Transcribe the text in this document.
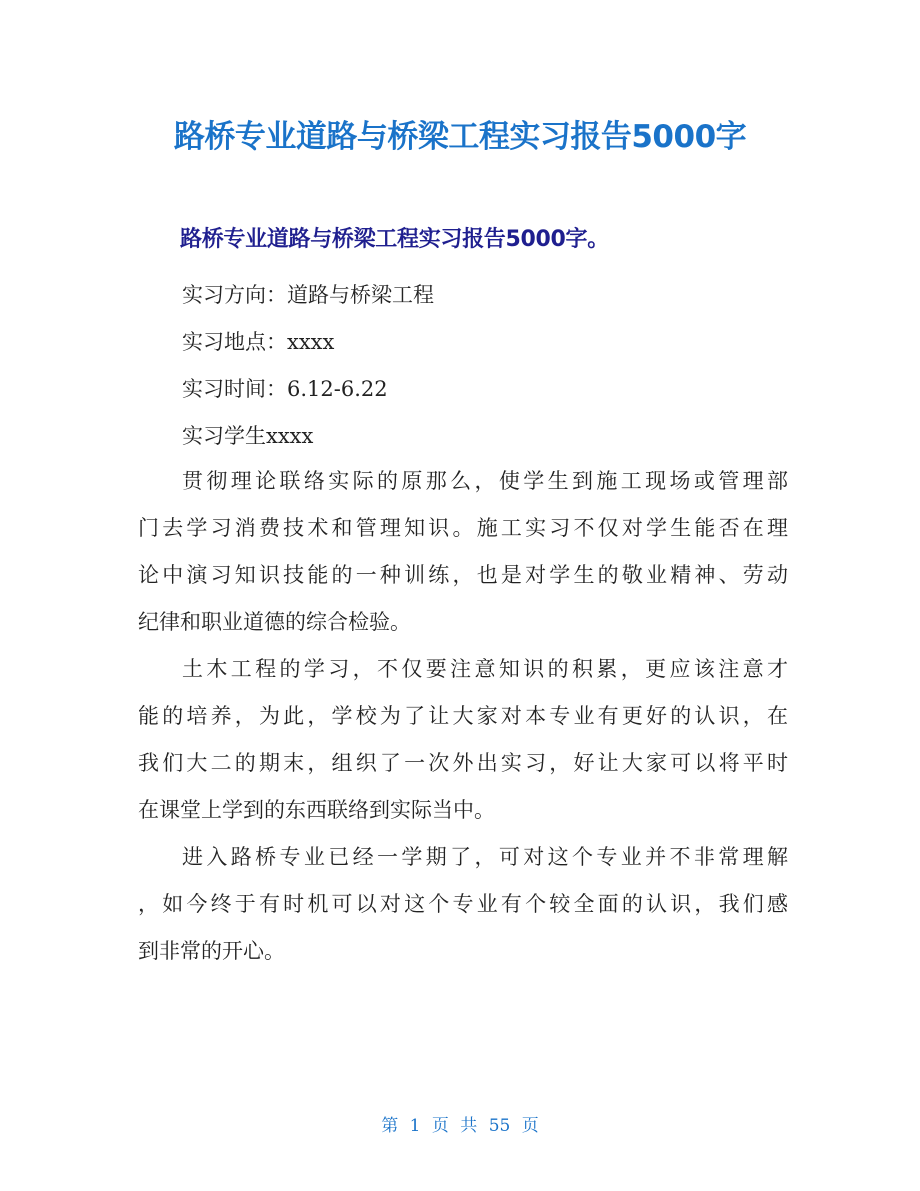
路桥专业道路与桥梁工程实习报告5000字
路桥专业道路与桥梁工程实习报告5000字。
实习方向：道路与桥梁工程
实习地点：xxxx
实习时间：6.12-6.22
实习学生xxxx
贯彻理论联络实际的原那么，使学生到施工现场或管理部
门去学习消费技术和管理知识。施工实习不仅对学生能否在理
论中演习知识技能的一种训练，也是对学生的敬业精神、劳动
纪律和职业道德的综合检验。
土木工程的学习，不仅要注意知识的积累，更应该注意才
能的培养，为此，学校为了让大家对本专业有更好的认识，在
我们大二的期末，组织了一次外出实习，好让大家可以将平时
在课堂上学到的东西联络到实际当中。
进入路桥专业已经一学期了，可对这个专业并不非常理解
，如今终于有时机可以对这个专业有个较全面的认识，我们感
到非常的开心。
第 1 页 共 55 页
